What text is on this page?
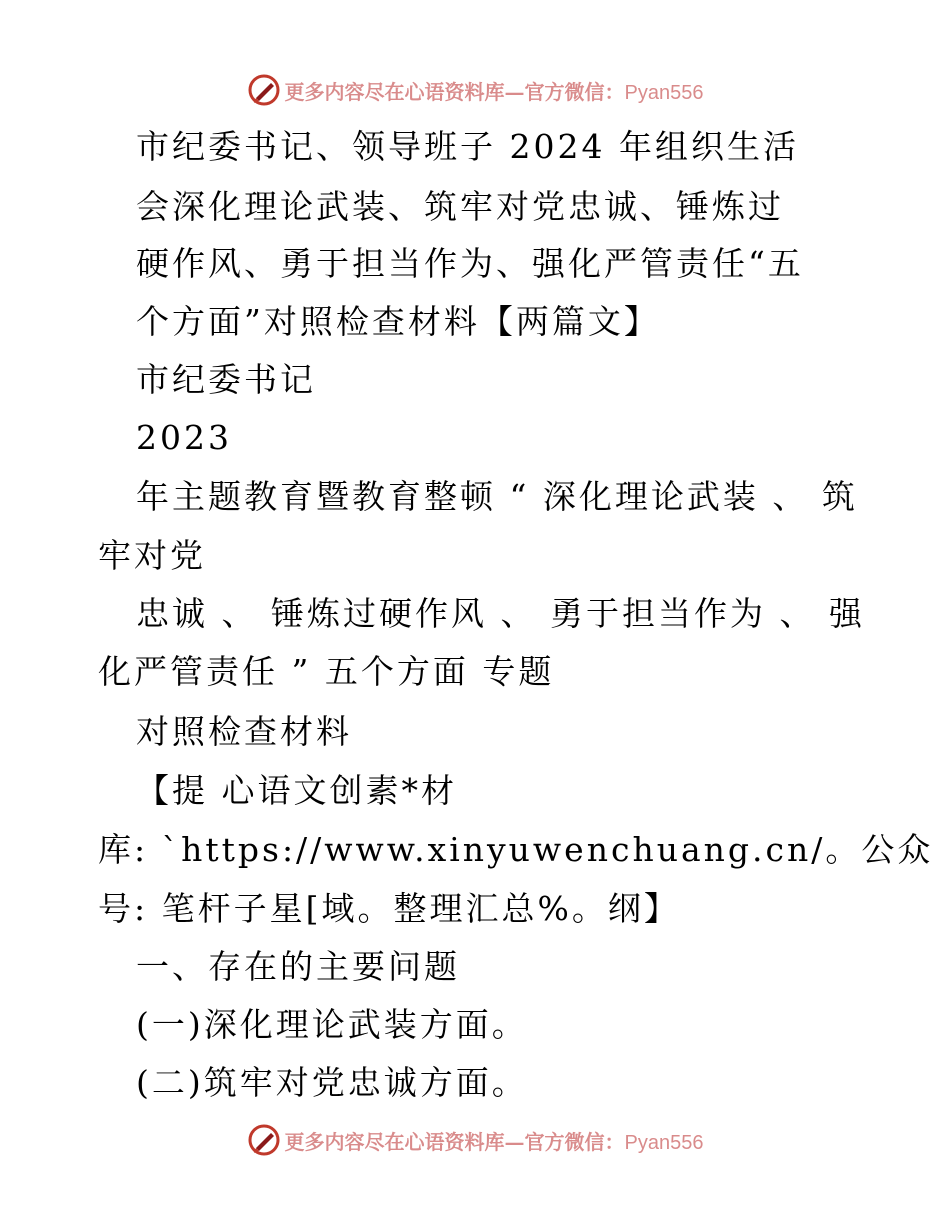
更多内容尽在心语资料库—官方微信：Pyan556
市纪委书记、领导班子 2024 年组织生活
会深化理论武装、筑牢对党忠诚、锤炼过
硬作风、勇于担当作为、强化严管责任“五
个方面”对照检查材料【两篇文】
市纪委书记
2023
年主题教育暨教育整顿 “ 深化理论武装 、 筑
牢对党
忠诚 、 锤炼过硬作风 、 勇于担当作为 、 强
化严管责任 ” 五个方面 专题
对照检查材料
【提 心语文创素*材
库: `https://www.xinyuwenchuang.cn/。公众
号: 笔杆子星[域。整理汇总%。纲】
一、存在的主要问题
(一)深化理论武装方面。
(二)筑牢对党忠诚方面。
更多内容尽在心语资料库—官方微信：Pyan556
